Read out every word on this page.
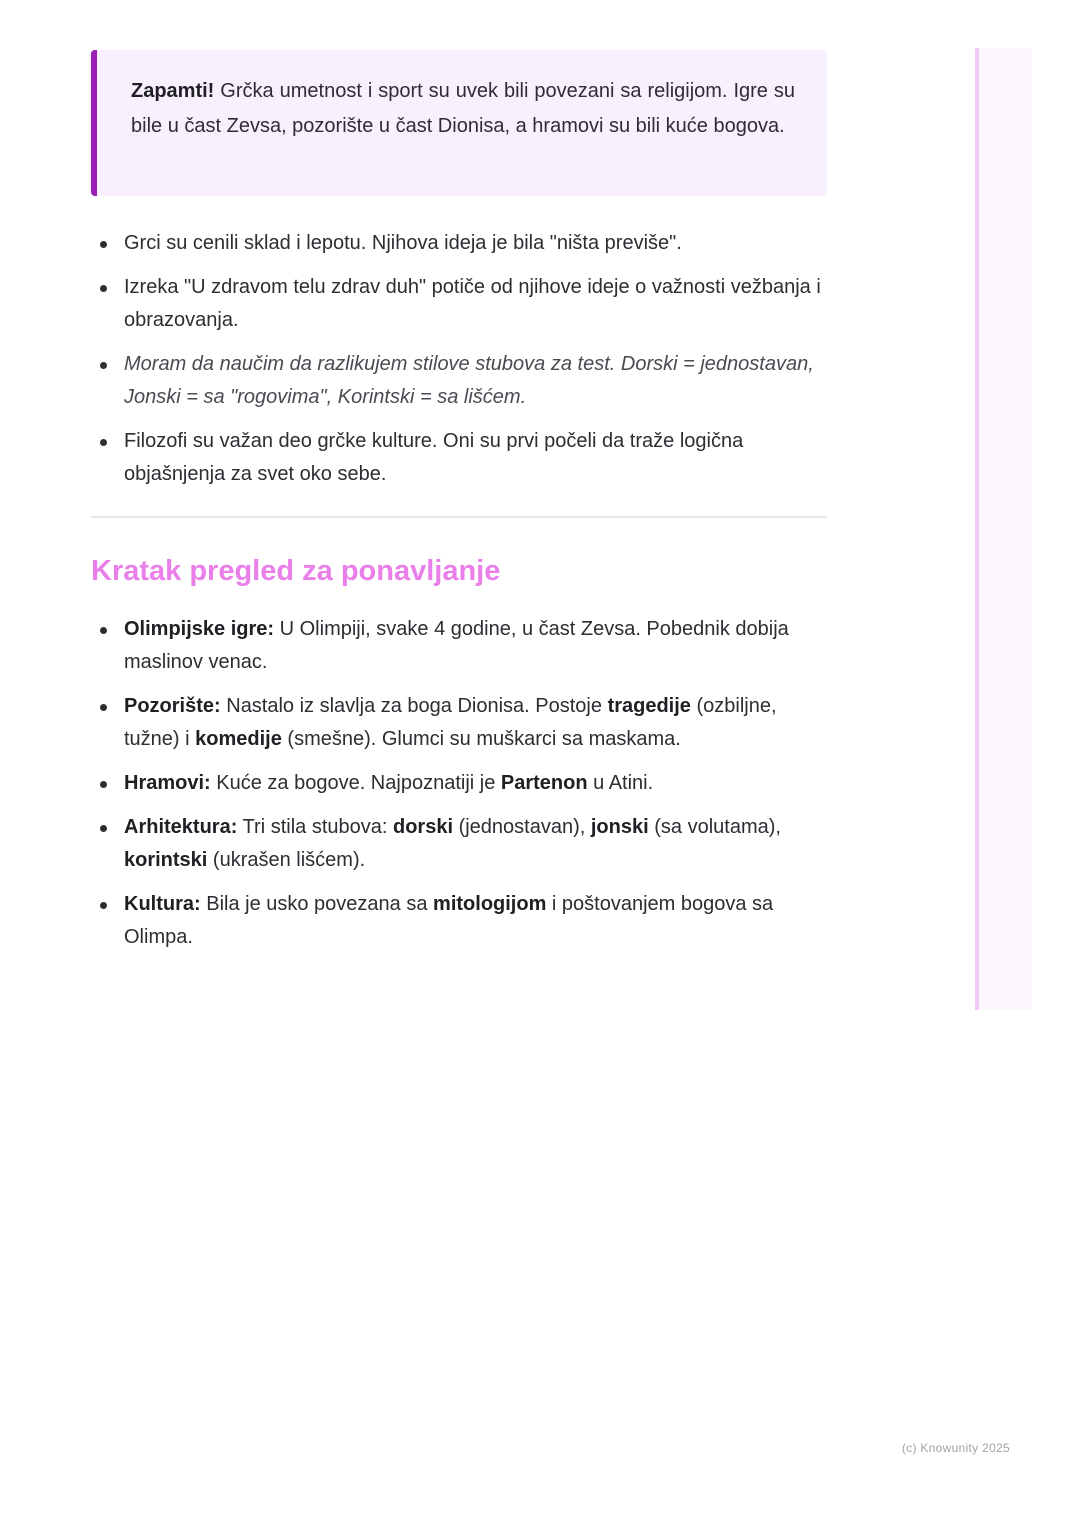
Zapamti! Grčka umetnost i sport su uvek bili povezani sa religijom. Igre su bile u čast Zevsa, pozorište u čast Dionisa, a hramovi su bili kuće bogova.
Grci su cenili sklad i lepotu. Njihova ideja je bila "ništa previše".
Izreka "U zdravom telu zdrav duh" potiče od njihove ideje o važnosti vežbanja i obrazovanja.
Moram da naučim da razlikujem stilove stubova za test. Dorski = jednostavan, Jonski = sa "rogovima", Korintski = sa lišćem.
Filozofi su važan deo grčke kulture. Oni su prvi počeli da traže logična objašnjenja za svet oko sebe.
Kratak pregled za ponavljanje
Olimpijske igre: U Olimpiji, svake 4 godine, u čast Zevsa. Pobednik dobija maslinov venac.
Pozorište: Nastalo iz slavlja za boga Dionisa. Postoje tragedije (ozbiljne, tužne) i komedije (smešne). Glumci su muškarci sa maskama.
Hramovi: Kuće za bogove. Najpoznatiji je Partenon u Atini.
Arhitektura: Tri stila stubova: dorski (jednostavan), jonski (sa volutama), korintski (ukrašen lišćem).
Kultura: Bila je usko povezana sa mitologijom i poštovanjem bogova sa Olimpa.
(c) Knowunity 2025
